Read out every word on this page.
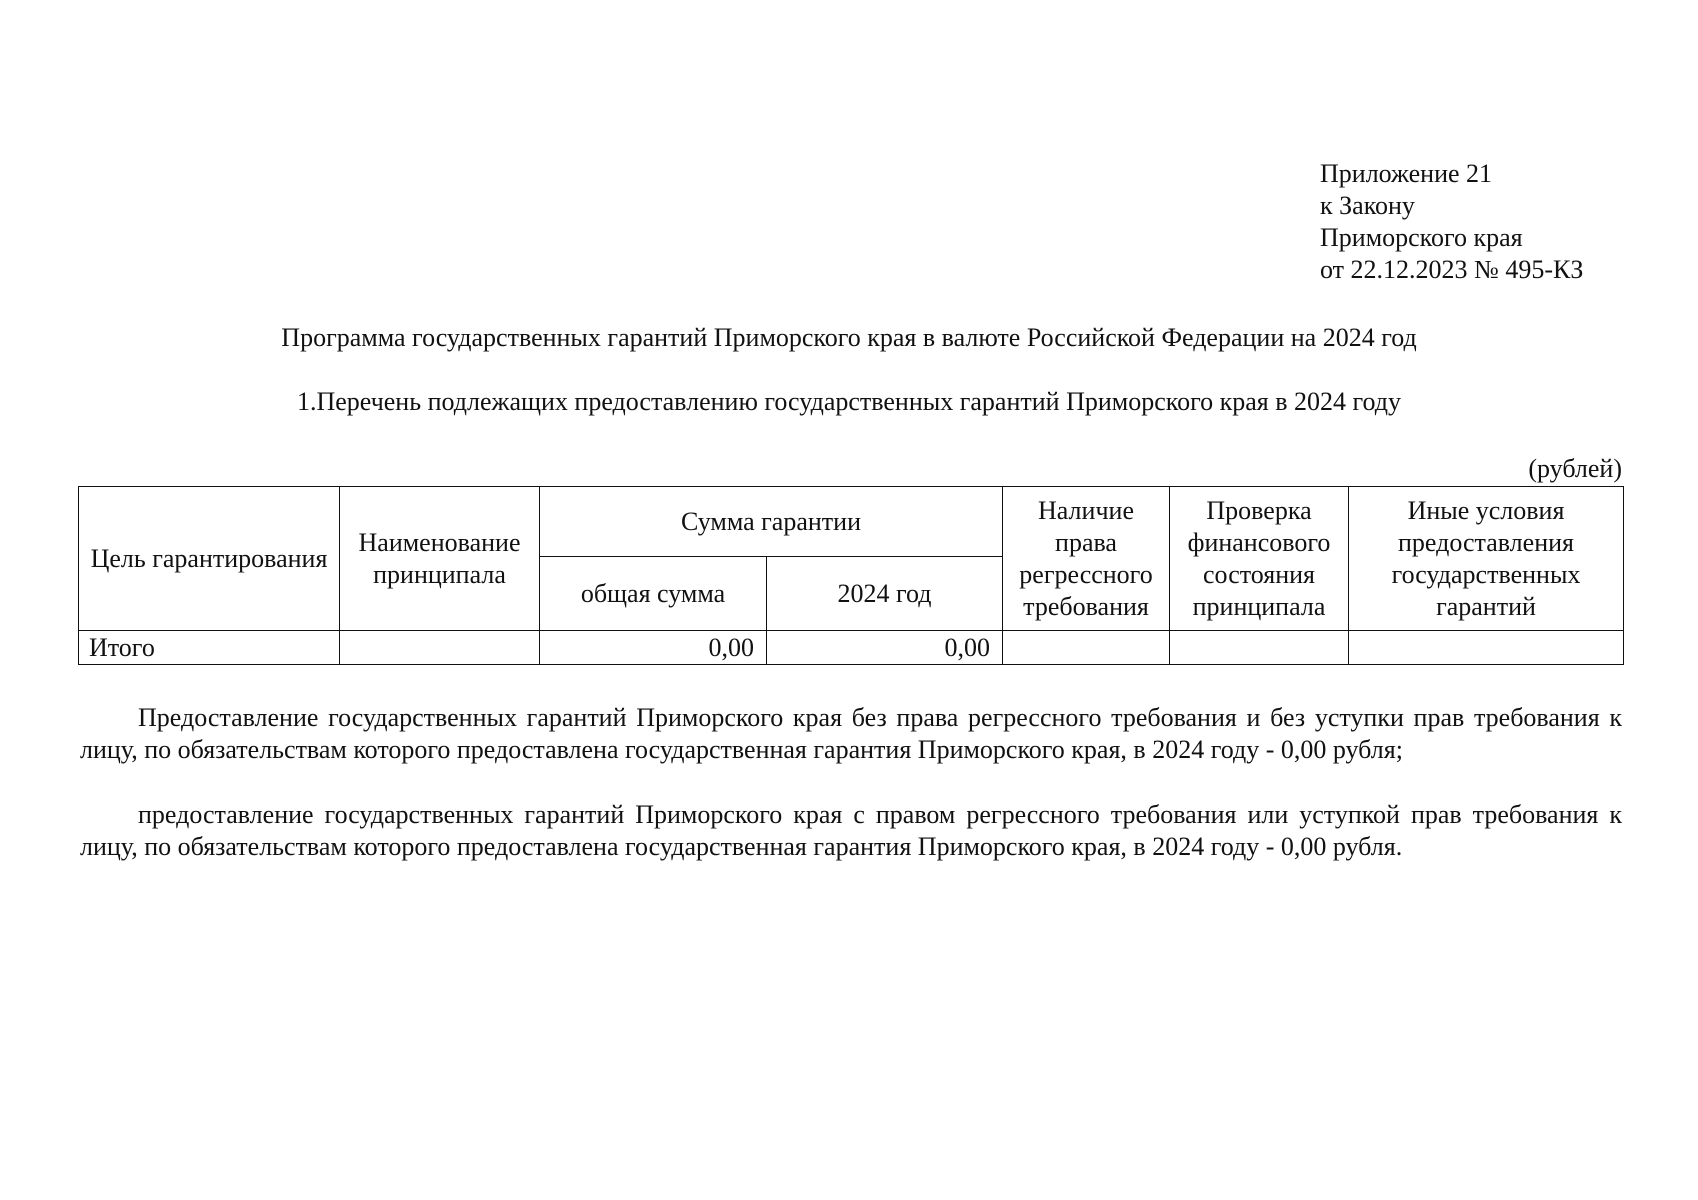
Приложение 21
к Закону
Приморского края
от 22.12.2023 № 495-КЗ
Программа государственных гарантий Приморского края в валюте Российской Федерации на 2024 год
1.Перечень подлежащих предоставлению государственных гарантий Приморского края в 2024 году
(рублей)
Цель гарантирования	Наименование принципала	Сумма гарантии		Наличие права регрессного требования	Проверка финансового состояния принципала	Иные условия предоставления государственных гарантий
		общая сумма	2024 год			
Итого		0,00	0,00			
Предоставление государственных гарантий Приморского края без права регрессного требования и без уступки прав требования к лицу, по обязательствам которого предоставлена государственная гарантия Приморского края, в 2024 году - 0,00 рубля;
предоставление государственных гарантий Приморского края с правом регрессного требования или уступкой прав требования к лицу, по обязательствам которого предоставлена государственная гарантия Приморского края, в 2024 году - 0,00 рубля.
